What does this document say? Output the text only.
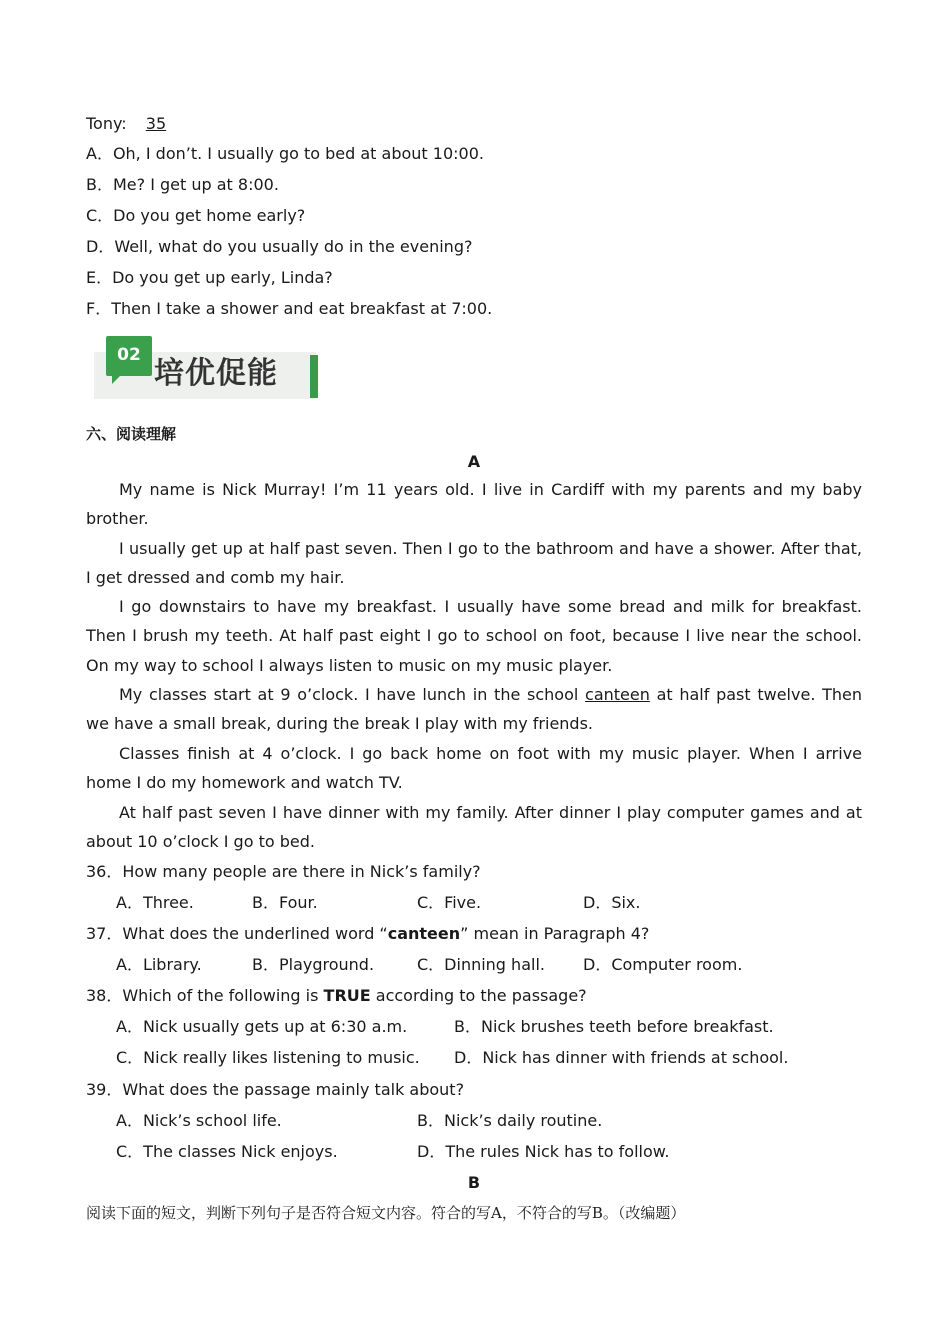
Tony: 35
A．Oh, I don’t. I usually go to bed at about 10:00.
B．Me? I get up at 8:00.
C．Do you get home early?
D．Well, what do you usually do in the evening?
E．Do you get up early, Linda?
F．Then I take a shower and eat breakfast at 7:00.
02
培优促能
六、阅读理解
A
My name is Nick Murray! I’m 11 years old. I live in Cardiff with my parents and my baby brother.
I usually get up at half past seven. Then I go to the bathroom and have a shower. After that, I get dressed and comb my hair.
I go downstairs to have my breakfast. I usually have some bread and milk for breakfast. Then I brush my teeth. At half past eight I go to school on foot, because I live near the school. On my way to school I always listen to music on my music player.
My classes start at 9 o’clock. I have lunch in the school canteen at half past twelve. Then we have a small break, during the break I play with my friends.
Classes finish at 4 o’clock. I go back home on foot with my music player. When I arrive home I do my homework and watch TV.
At half past seven I have dinner with my family. After dinner I play computer games and at about 10 o’clock I go to bed.
36．How many people are there in Nick’s family?
A．Three.	B．Four.	C．Five.	D．Six.
37．What does the underlined word “canteen” mean in Paragraph 4?
A．Library.	B．Playground.	C．Dinning hall. D．Computer room.
38．Which of the following is TRUE according to the passage?
A．Nick usually gets up at 6:30 a.m.	B．Nick brushes teeth before breakfast.
C．Nick really likes listening to music. D．Nick has dinner with friends at school.
39．What does the passage mainly talk about?
A．Nick’s school life.	B．Nick’s daily routine.
C．The classes Nick enjoys.	D．The rules Nick has to follow.
B
阅读下面的短文，判断下列句子是否符合短文内容。符合的写A，不符合的写B。（改编题）
